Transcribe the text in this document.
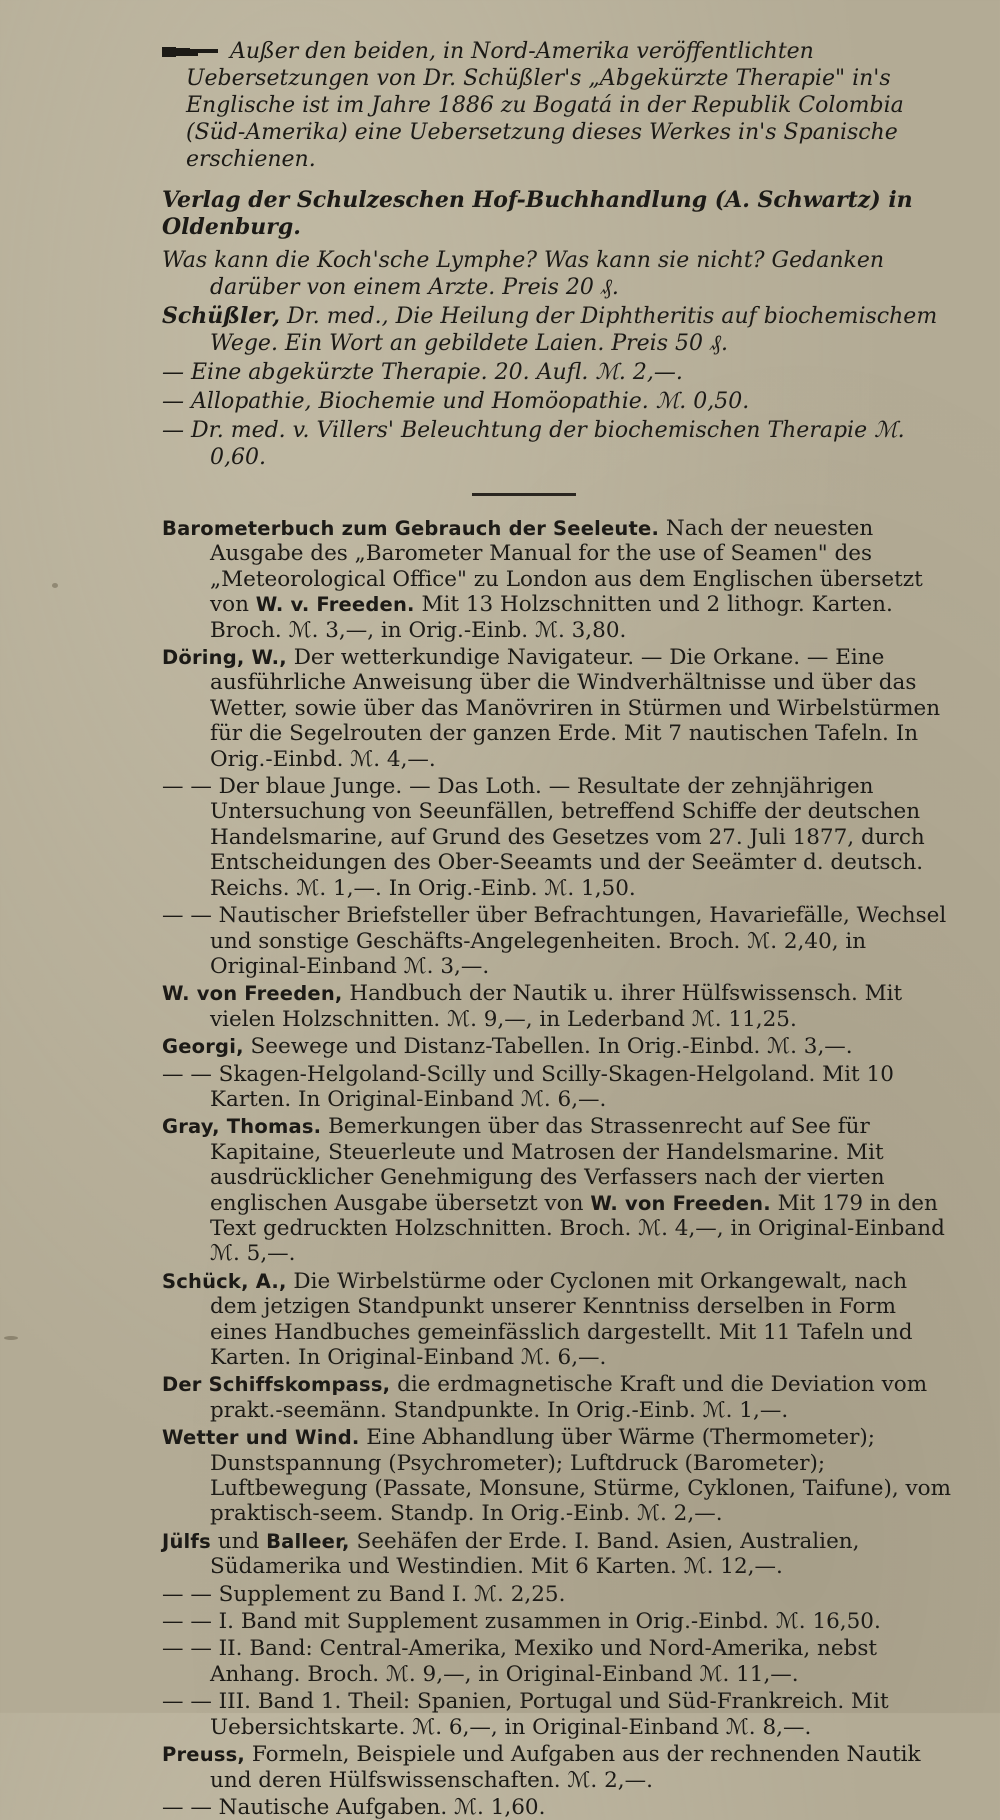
Außer den beiden, in Nord-Amerika veröffentlichten Uebersetzungen von Dr. Schüßler's „Abgekürzte Therapie" in's Englische ist im Jahre 1886 zu Bogatá in der Republik Colombia (Süd-Amerika) eine Uebersetzung dieses Werkes in's Spanische erschienen.
Verlag der Schulzeschen Hof-Buchhandlung (A. Schwartz) in Oldenburg.
Was kann die Koch'sche Lymphe? Was kann sie nicht? Gedanken darüber von einem Arzte. Preis 20 ₰.
Schüßler, Dr. med., Die Heilung der Diphtheritis auf biochemischem Wege. Ein Wort an gebildete Laien. Preis 50 ₰.
— Eine abgekürzte Therapie. 20. Aufl. ℳ. 2,—.
— Allopathie, Biochemie und Homöopathie. ℳ. 0,50.
— Dr. med. v. Villers' Beleuchtung der biochemischen Therapie ℳ. 0,60.
Barometerbuch zum Gebrauch der Seeleute. Nach der neuesten Ausgabe des „Barometer Manual for the use of Seamen" des „Meteorological Office" zu London aus dem Englischen übersetzt von W. v. Freeden. Mit 13 Holzschnitten und 2 lithogr. Karten. Broch. ℳ. 3,—, in Orig.-Einb. ℳ. 3,80.
Döring, W., Der wetterkundige Navigateur. — Die Orkane. — Eine ausführliche Anweisung über die Windverhältnisse und über das Wetter, sowie über das Manövriren in Stürmen und Wirbelstürmen für die Segelrouten der ganzen Erde. Mit 7 nautischen Tafeln. In Orig.-Einbd. ℳ. 4,—.
— — Der blaue Junge. — Das Loth. — Resultate der zehnjährigen Untersuchung von Seeunfällen, betreffend Schiffe der deutschen Handelsmarine, auf Grund des Gesetzes vom 27. Juli 1877, durch Entscheidungen des Ober-Seeamts und der Seeämter d. deutsch. Reichs. ℳ. 1,—. In Orig.-Einb. ℳ. 1,50.
— — Nautischer Briefsteller über Befrachtungen, Havariefälle, Wechsel und sonstige Geschäfts-Angelegenheiten. Broch. ℳ. 2,40, in Original-Einband ℳ. 3,—.
W. von Freeden, Handbuch der Nautik u. ihrer Hülfswissensch. Mit vielen Holzschnitten. ℳ. 9,—, in Lederband ℳ. 11,25.
Georgi, Seewege und Distanz-Tabellen. In Orig.-Einbd. ℳ. 3,—.
— — Skagen-Helgoland-Scilly und Scilly-Skagen-Helgoland. Mit 10 Karten. In Original-Einband ℳ. 6,—.
Gray, Thomas. Bemerkungen über das Strassenrecht auf See für Kapitaine, Steuerleute und Matrosen der Handelsmarine. Mit ausdrücklicher Genehmigung des Verfassers nach der vierten englischen Ausgabe übersetzt von W. von Freeden. Mit 179 in den Text gedruckten Holzschnitten. Broch. ℳ. 4,—, in Original-Einband ℳ. 5,—.
Schück, A., Die Wirbelstürme oder Cyclonen mit Orkangewalt, nach dem jetzigen Standpunkt unserer Kenntniss derselben in Form eines Handbuches gemeinfässlich dargestellt. Mit 11 Tafeln und Karten. In Original-Einband ℳ. 6,—.
Der Schiffskompass, die erdmagnetische Kraft und die Deviation vom prakt.-seemänn. Standpunkte. In Orig.-Einb. ℳ. 1,—.
Wetter und Wind. Eine Abhandlung über Wärme (Thermometer); Dunstspannung (Psychrometer); Luftdruck (Barometer); Luftbewegung (Passate, Monsune, Stürme, Cyklonen, Taifune), vom praktisch-seem. Standp. In Orig.-Einb. ℳ. 2,—.
Jülfs und Balleer, Seehäfen der Erde. I. Band. Asien, Australien, Südamerika und Westindien. Mit 6 Karten. ℳ. 12,—.
— — Supplement zu Band I. ℳ. 2,25.
— — I. Band mit Supplement zusammen in Orig.-Einbd. ℳ. 16,50.
— — II. Band: Central-Amerika, Mexiko und Nord-Amerika, nebst Anhang. Broch. ℳ. 9,—, in Original-Einband ℳ. 11,—.
— — III. Band 1. Theil: Spanien, Portugal und Süd-Frankreich. Mit Uebersichtskarte. ℳ. 6,—, in Original-Einband ℳ. 8,—.
Preuss, Formeln, Beispiele und Aufgaben aus der rechnenden Nautik und deren Hülfswissenschaften. ℳ. 2,—.
— — Nautische Aufgaben. ℳ. 1,60.
